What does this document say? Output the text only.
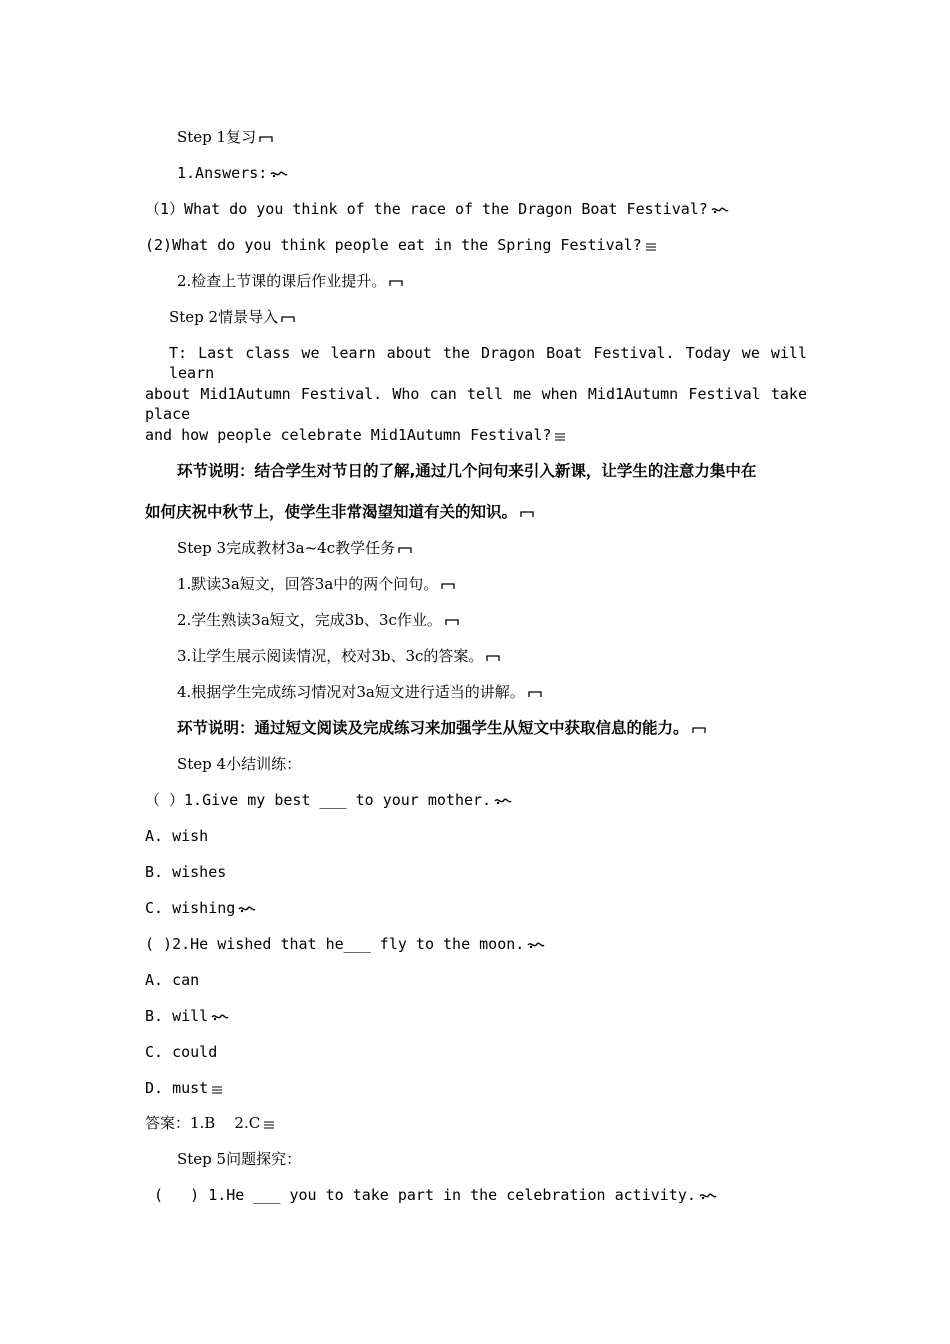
Step 1复习
1.Answers:
（1）What do you think of the race of the Dragon Boat Festival?
(2)What do you think people eat in the Spring Festival?
2.检查上节课的课后作业提升。
Step 2情景导入
T: Last class we learn about the Dragon Boat Festival. Today we will learn
about Mid1Autumn Festival. Who can tell me when Mid1Autumn Festival take place
and how people celebrate Mid1Autumn Festival?
环节说明：结合学生对节日的了解,通过几个问句来引入新课，让学生的注意力集中在
如何庆祝中秋节上，使学生非常渴望知道有关的知识。
Step 3完成教材3a~4c教学任务
1.默读3a短文，回答3a中的两个问句。
2.学生熟读3a短文，完成3b、3c作业。
3.让学生展示阅读情况，校对3b、3c的答案。
4.根据学生完成练习情况对3a短文进行适当的讲解。
环节说明：通过短文阅读及完成练习来加强学生从短文中获取信息的能力。
Step 4小结训练：
（ ）1.Give my best ___ to your mother.
A. wish
B. wishes
C. wishing
( )2.He wished that he___ fly to the moon.
A. can
B. will
C. could
D. must
答案：1.B    2.C
Step 5问题探究：
(   ) 1.He ___ you to take part in the celebration activity.
